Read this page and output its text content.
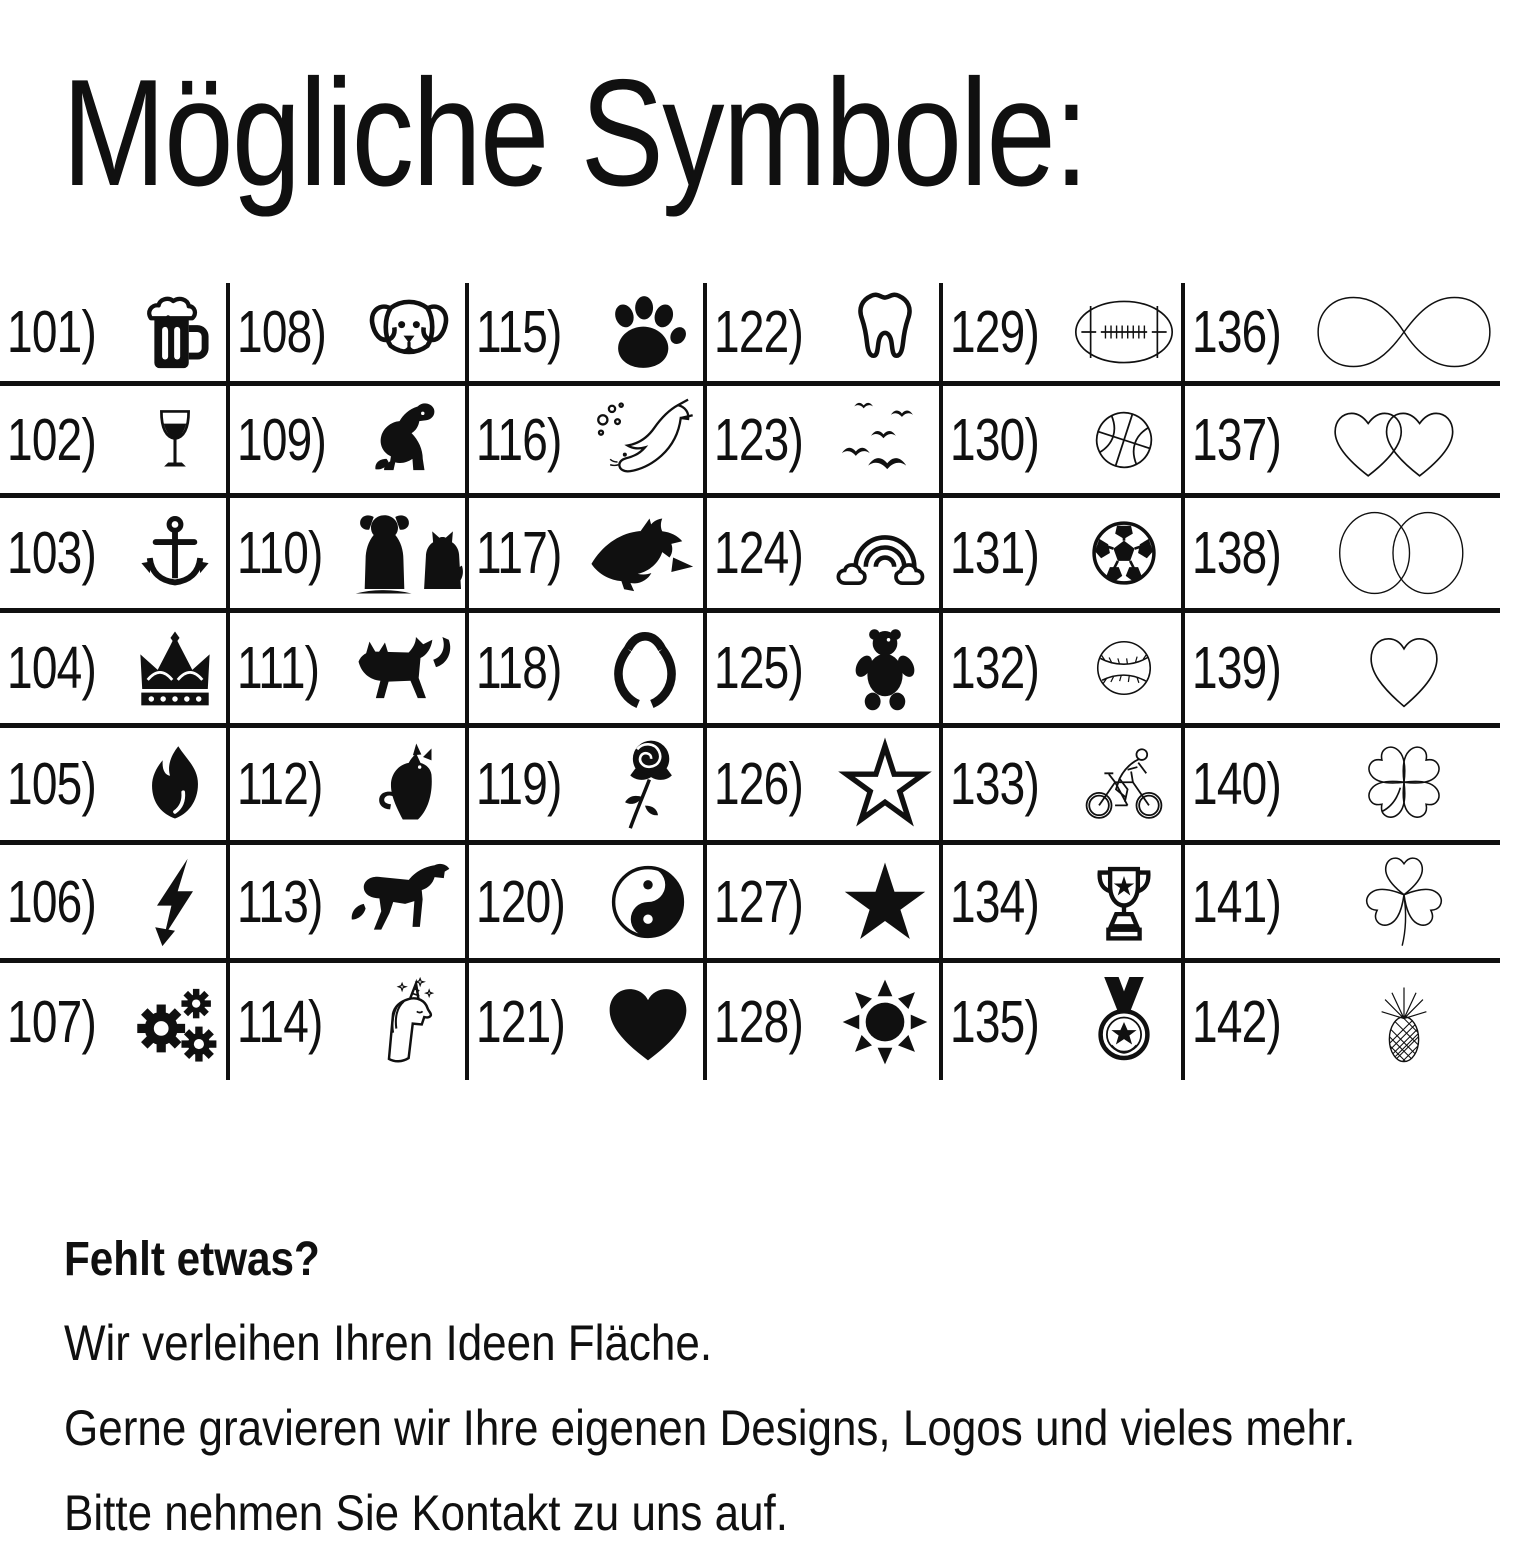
Mögliche Symbole:
101) 108)	115)	122) 129)	136)
102) 109)	116)	123) 130)	137)
103) 110)	117)	124) 131)	138)
104) 111)	118)	125) 132)	139)
105) 112)	119)	126) 133)	140)
106) 113)	120)	127) 134)	141)
107) 114)	121)	128) 135)	142)
Fehlt etwas?
Wir verleihen Ihren Ideen Fläche.
Gerne gravieren wir Ihre eigenen Designs, Logos und vieles mehr.
Bitte nehmen Sie Kontakt zu uns auf.
